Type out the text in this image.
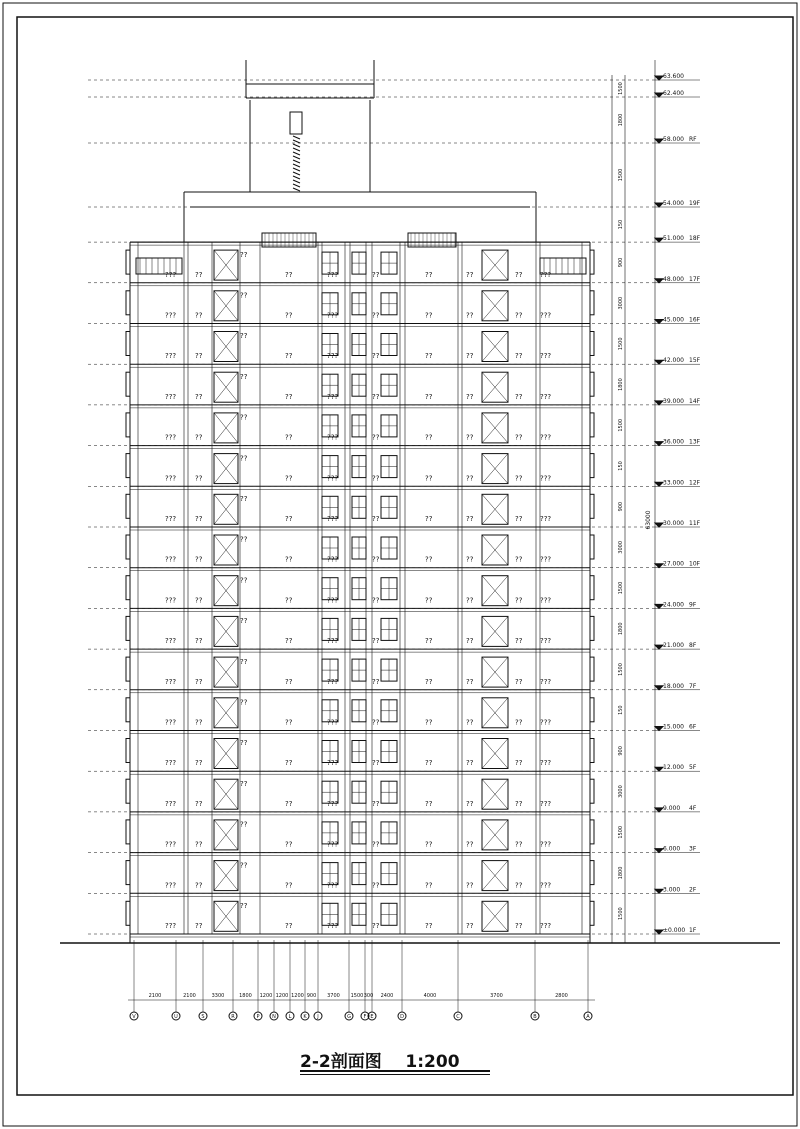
???	??
??
??	???	??	??	??	??	???
???	??
??
??	???	??	??	??	??	???
???	??
??
??	???	??	??	??	??	???
???	??
??
??	???	??	??	??	??	???
???	??
??
??	???	??	??	??	??	???
???	??
??
??	???	??	??	??	??	???
???	??
??
??	???	??	??	??	??	???
???	??
??
??	???	??	??	??	??	???
???	??
??
??	???	??	??	??	??	???
???	??
??
??	???	??	??	??	??	???
???	??
??
??	???	??	??	??	??	???
???	??
??
??	???	??	??	??	??	???
???	??
??
??	???	??	??	??	??	???
???	??
??
??	???	??	??	??	??	???
???	??
??
??	???	??	??	??	??	???
???	??
??
??	???	??	??	??	??	???
???	??
??
??	???	??	??	??	??	???
±0.000 1F
1500
3.000 2F
1800
6.000 3F
1500
9.000 4F
3000
12.000 5F
900
15.000 6F
150
18.000 7F
1500
21.000 8F
1800
24.000 9F
1500
27.000 10F
3000
30.000 11F
900
33.000 12F
150
36.000 13F
1500
39.000 14F
1800
42.000 15F
1500
45.000 16F
3000
48.000 17F
900
51.000 18F
150
54.000 19F
1500
58.000 RF
1800
62.400
1500
63.600
63000
V
2100
U
2100
S
3300
R
1800
P
1200
N
1200
L
1200
K
900
J
3700
G
1500
F
300
E
2400
D
4000
C
3700
B
2800
A
2-2剖面图 1:200
